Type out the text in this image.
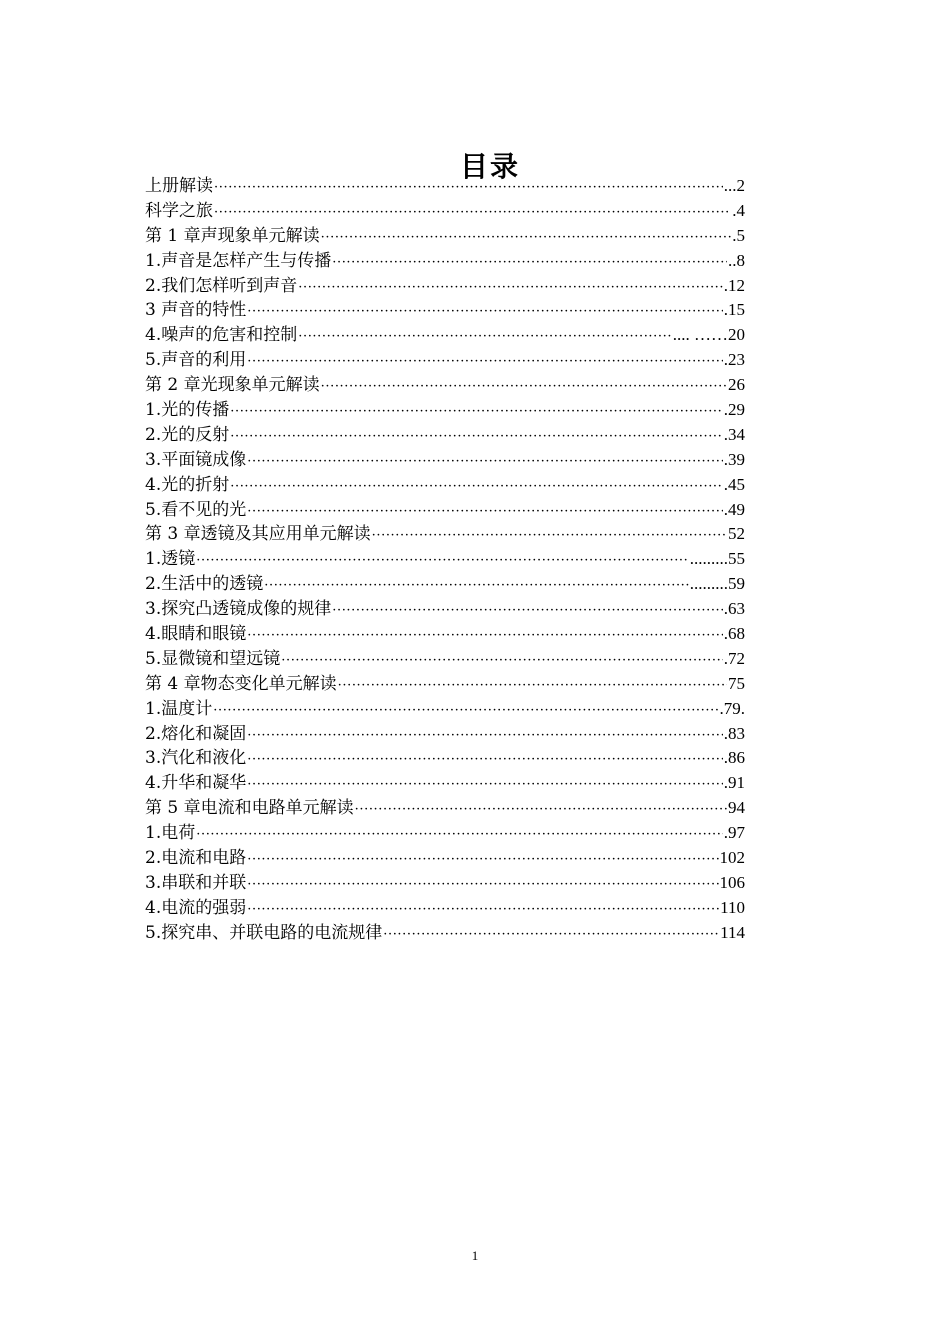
目录
上册解读 ·····	...2
科学之旅 ·····	.4
第 1 章声现象单元解读 ·····	.5
1.声音是怎样产生与传播 ·····	..8
2.我们怎样听到声音 ·····	.12
3 声音的特性 ·····	.15
4.噪声的危害和控制 ·····	.... ……20
5.声音的利用 ·····	.23
第 2 章光现象单元解读 ·····	26
1.光的传播 ·····	.29
2.光的反射 ·····	.34
3.平面镜成像 ·····	.39
4.光的折射 ·····	.45
5.看不见的光 ·····	.49
第 3 章透镜及其应用单元解读 ·····	52
1.透镜 ·····	.........55
2.生活中的透镜 ·····	.........59
3.探究凸透镜成像的规律 ·····	.63
4.眼睛和眼镜 ·····	.68
5.显微镜和望远镜 ·····	.72
第 4 章物态变化单元解读 ·····	75
1.温度计 ·····	.79.
2.熔化和凝固 ·····	.83
3.汽化和液化 ·····	.86
4.升华和凝华 ·····	.91
第 5 章电流和电路单元解读 ·····	94
1.电荷 ·····	.97
2.电流和电路 ·····	102
3.串联和并联 ·····	106
4.电流的强弱 ·····	110
5.探究串、并联电路的电流规律 ·····	114
1
